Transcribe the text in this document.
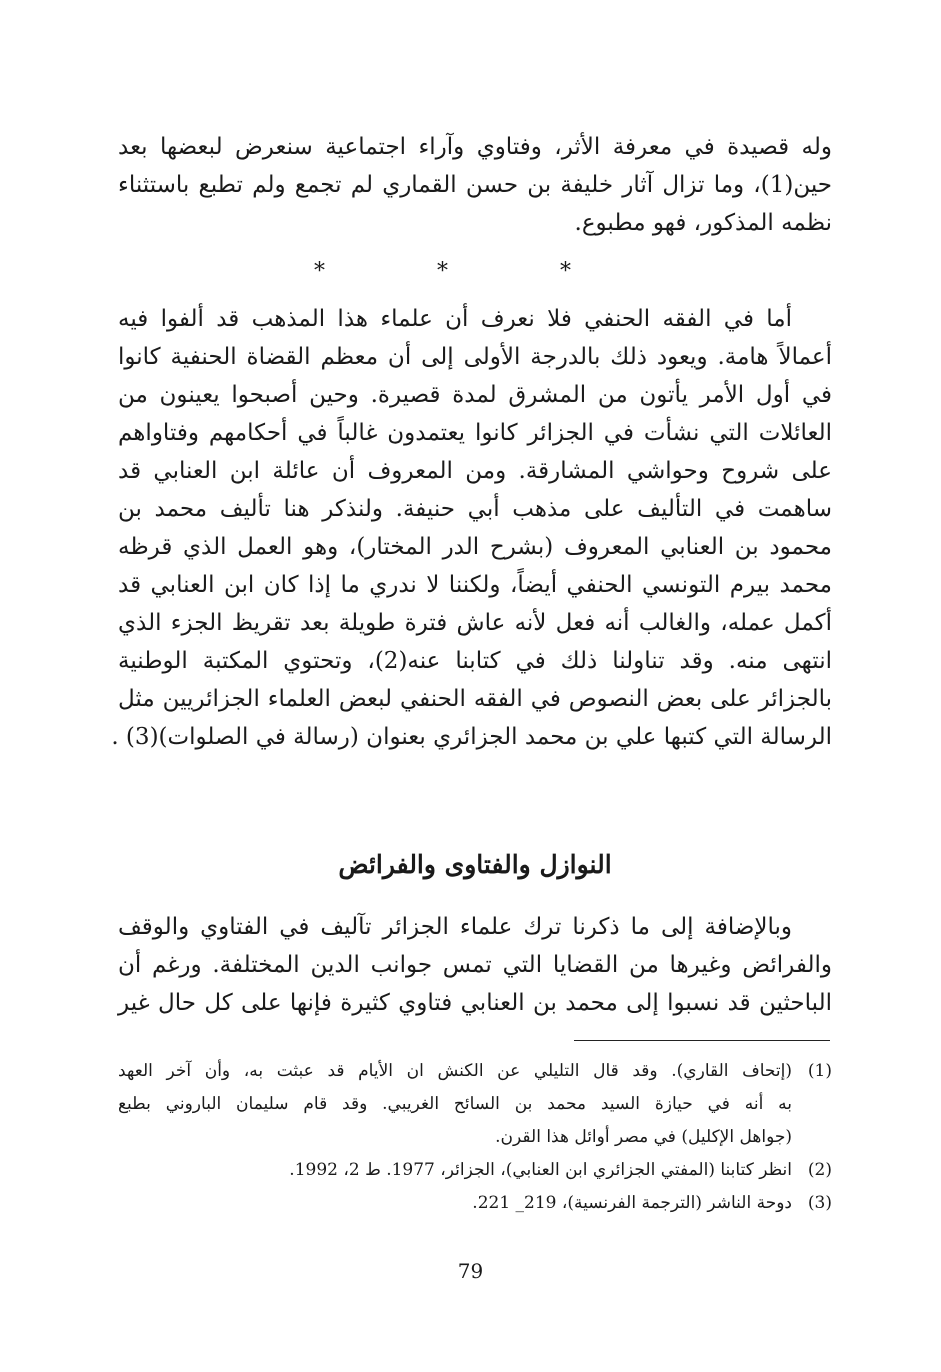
وله قصيدة في معرفة الأثر، وفتاوي وآراء اجتماعية سنعرض لبعضها بعد
حين(1)، وما تزال آثار خليفة بن حسن القماري لم تجمع ولم تطبع باستثناء
نظمه المذكور، فهو مطبوع.
*	*	*
أما في الفقه الحنفي فلا نعرف أن علماء هذا المذهب قد ألفوا فيه
أعمالاً هامة. ويعود ذلك بالدرجة الأولى إلى أن معظم القضاة الحنفية كانوا
في أول الأمر يأتون من المشرق لمدة قصيرة. وحين أصبحوا يعينون من
العائلات التي نشأت في الجزائر كانوا يعتمدون غالباً في أحكامهم وفتاواهم
على شروح وحواشي المشارقة. ومن المعروف أن عائلة ابن العنابي قد
ساهمت في التأليف على مذهب أبي حنيفة. ولنذكر هنا تأليف محمد بن
محمود بن العنابي المعروف (بشرح الدر المختار)، وهو العمل الذي قرظه
محمد بيرم التونسي الحنفي أيضاً، ولكننا لا ندري ما إذا كان ابن العنابي قد
أكمل عمله، والغالب أنه فعل لأنه عاش فترة طويلة بعد تقريظ الجزء الذي
انتهى منه. وقد تناولنا ذلك في كتابنا عنه(2)، وتحتوي المكتبة الوطنية
بالجزائر على بعض النصوص في الفقه الحنفي لبعض العلماء الجزائريين مثل
الرسالة التي كتبها علي بن محمد الجزائري بعنوان (رسالة في الصلوات)(3) .
النوازل والفتاوى والفرائض
وبالإضافة إلى ما ذكرنا ترك علماء الجزائر تآليف في الفتاوي والوقف
والفرائض وغيرها من القضايا التي تمس جوانب الدين المختلفة. ورغم أن
الباحثين قد نسبوا إلى محمد بن العنابي فتاوي كثيرة فإنها على كل حال غير
(1)
(إتحاف القاري). وقد قال التليلي عن الكنش ان الأيام قد عبثت به، وأن آخر العهد
به أنه في حيازة السيد محمد بن السائح الغريبي. وقد قام سليمان الباروني بطبع
(جواهل الإكليل) في مصر أوائل هذا القرن.
(2)
انظر كتابنا (المفتي الجزائري ابن العنابي)، الجزائر، 1977. ط 2، 1992.
(3)
دوحة الناشر (الترجمة الفرنسية)، 219_ 221.
79
